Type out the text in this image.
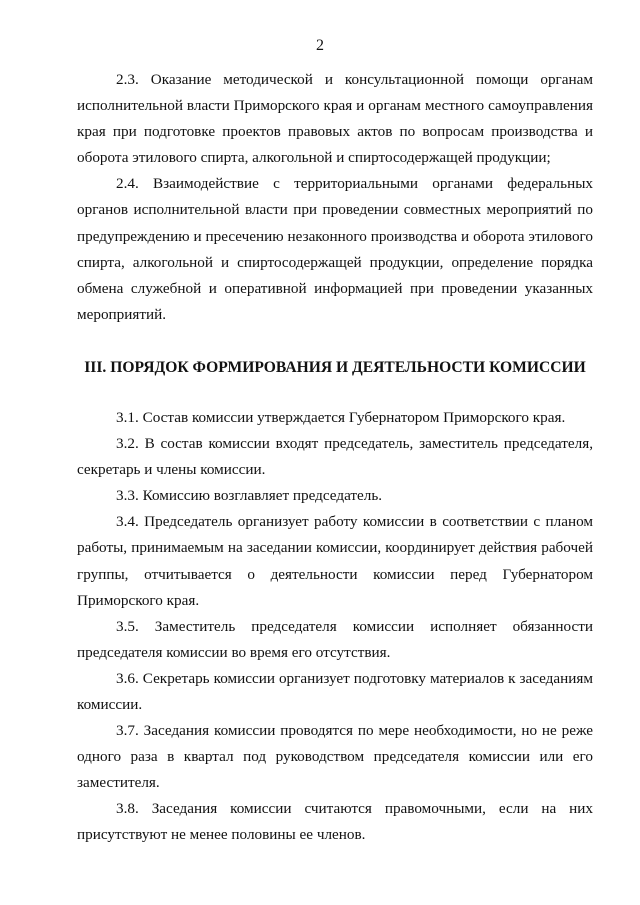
2

2.3. Оказание методической и консультационной помощи органам исполнительной власти Приморского края и органам местного самоуправления края при подготовке проектов правовых актов по вопросам производства и оборота этилового спирта, алкогольной и спиртосодержащей продукции;

2.4. Взаимодействие с территориальными органами федеральных органов исполнительной власти при проведении совместных мероприятий по предупреждению и пресечению незаконного производства и оборота этилового спирта, алкогольной и спиртосодержащей продукции, определение порядка обмена служебной и оперативной информацией при проведении указанных мероприятий.

III. ПОРЯДОК ФОРМИРОВАНИЯ И ДЕЯТЕЛЬНОСТИ КОМИССИИ

3.1. Состав комиссии утверждается Губернатором Приморского края.

3.2. В состав комиссии входят председатель, заместитель председателя, секретарь и члены комиссии.

3.3. Комиссию возглавляет председатель.

3.4. Председатель организует работу комиссии в соответствии с планом работы, принимаемым на заседании комиссии, координирует действия рабочей группы, отчитывается о деятельности комиссии перед Губернатором Приморского края.

3.5. Заместитель председателя комиссии исполняет обязанности председателя комиссии во время его отсутствия.

3.6. Секретарь комиссии организует подготовку материалов к заседаниям комиссии.

3.7. Заседания комиссии проводятся по мере необходимости, но не реже одного раза в квартал под руководством председателя комиссии или его заместителя.

3.8. Заседания комиссии считаются правомочными, если на них присутствуют не менее половины ее членов.
